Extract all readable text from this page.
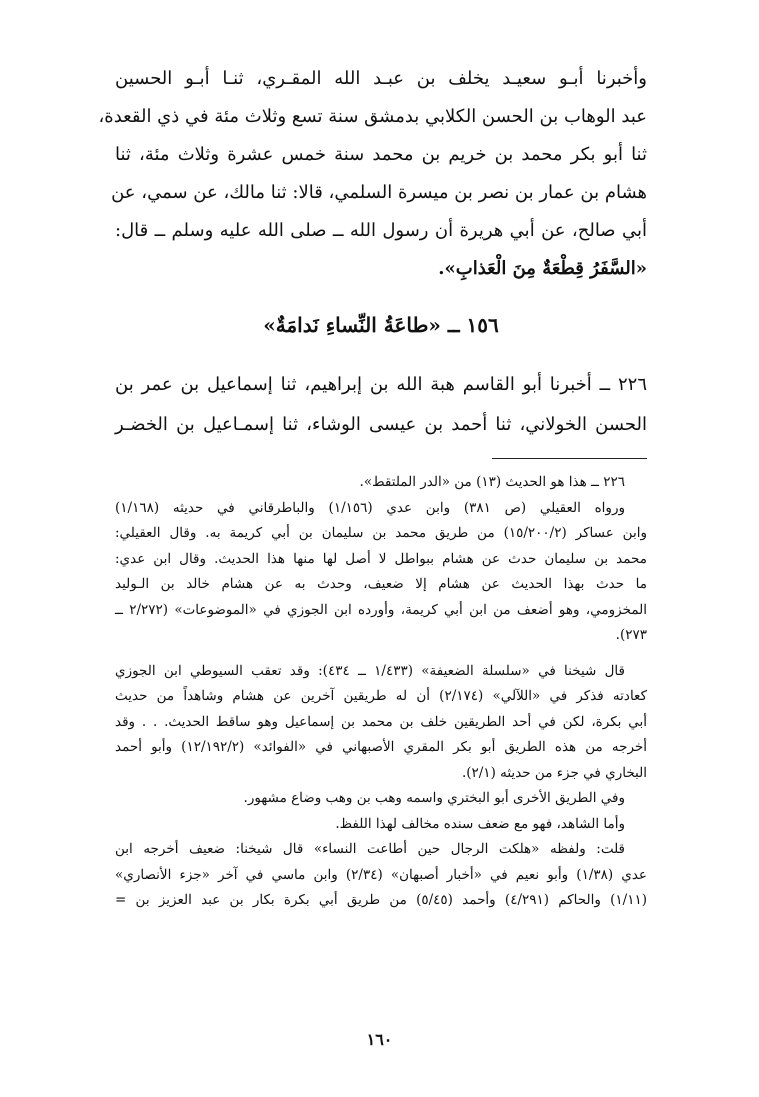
وأخبرنا أبـو سعيـد يخلف بن عبـد الله المقـري، ثنـا أبـو الحسين
عبد الوهاب بن الحسن الكلابي بدمشق سنة تسع وثلاث مئة في ذي القعدة،
ثنا أبو بكر محمد بن خريم بن محمد سنة خمس عشرة وثلاث مئة، ثنا
هشام بن عمار بن نصر بن ميسرة السلمي، قالا: ثنا مالك، عن سمي، عن
أبي صالح، عن أبي هريرة أن رسول الله ــ صلى الله عليه وسلم ــ قال:
«السَّفَرُ قِطْعَةٌ مِنَ الْعَذابِ».
١٥٦ ــ «طاعَةُ النِّساءِ نَدامَةٌ»
٢٢٦ ــ أخبرنا أبو القاسم هبة الله بن إبراهيم، ثنا إسماعيل بن عمر بن
الحسن الخولاني، ثنا أحمد بن عيسى الوشاء، ثنا إسمـاعيل بن الخضـر
٢٢٦ ــ هذا هو الحديث (١٣) من «الدر الملتقط».
ورواه العقيلي (ص ٣٨١) وابن عدي (١/١٥٦) والباطرقاني في حديثه (١/١٦٨)
وابن عساكر (١٥/٢٠٠/٢) من طريق محمد بن سليمان بن أبي كريمة به. وقال العقيلي:
محمد بن سليمان حدث عن هشام ببواطل لا أصل لها منها هذا الحديث. وقال ابن عدي:
ما حدث بهذا الحديث عن هشام إلا ضعيف، وحدث به عن هشام خالد بن الـوليد
المخزومي، وهو أضعف من ابن أبي كريمة، وأورده ابن الجوزي في «الموضوعات» (٢/٢٧٢ ــ
٢٧٣).
قال شيخنا في «سلسلة الضعيفة» (١/٤٣٣ ــ ٤٣٤): وقد تعقب السيوطي ابن الجوزي
كعادته فذكر في «اللآلي» (٢/١٧٤) أن له طريقين آخرين عن هشام وشاهداً من حديث
أبي بكرة، لكن في أحد الطريقين خلف بن محمد بن إسماعيل وهو ساقط الحديث. . . وقد
أخرجه من هذه الطريق أبو بكر المقري الأصبهاني في «الفوائد» (١٢/١٩٢/٢) وأبو أحمد
البخاري في جزء من حديثه (٢/١).
وفي الطريق الأخرى أبو البختري واسمه وهب بن وهب وضاع مشهور.
وأما الشاهد، فهو مع ضعف سنده مخالف لهذا اللفظ.
قلت: ولفظه «هلكت الرجال حين أطاعت النساء» قال شيخنا: ضعيف أخرجه ابن
عدي (١/٣٨) وأبو نعيم في «أخبار أصبهان» (٢/٣٤) وابن ماسي في آخر «جزء الأنصاري»
(١/١١) والحاكم (٤/٢٩١) وأحمد (٥/٤٥) من طريق أبي بكرة بكار بن عبد العزيز بن =
١٦٠
